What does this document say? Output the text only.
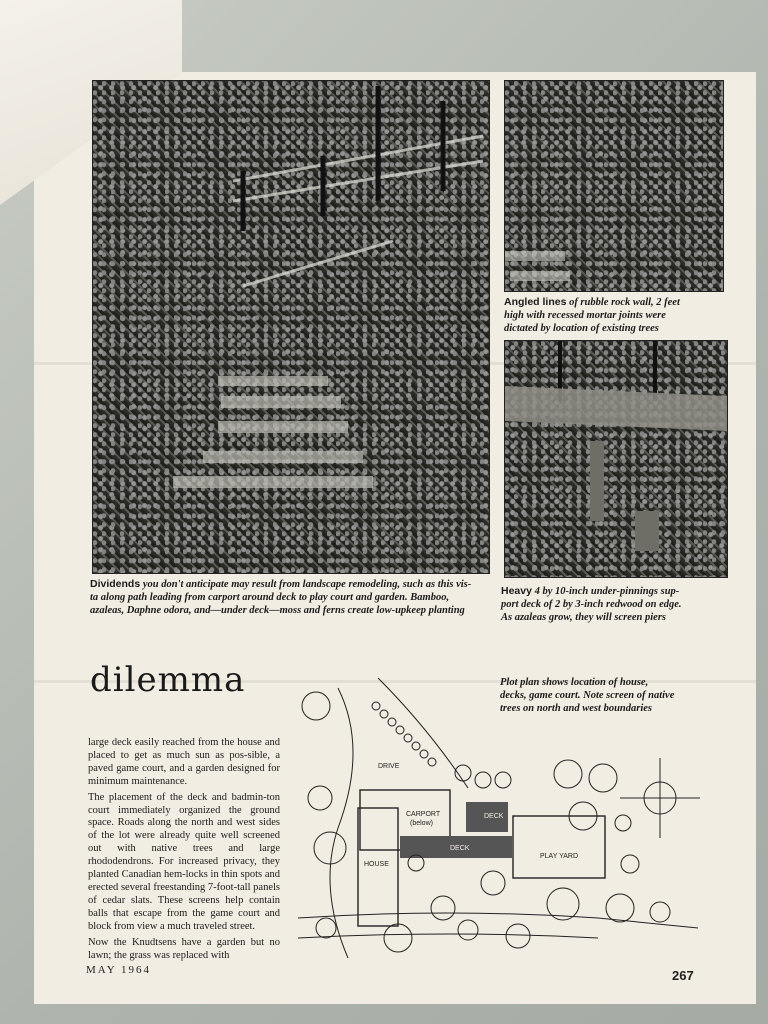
Angled lines of rubble rock wall, 2 feet
high with recessed mortar joints were
dictated by location of existing trees
Dividends you don't anticipate may result from landscape remodeling, such as this vis-
ta along path leading from carport around deck to play court and garden. Bamboo,
azaleas, Daphne odora, and—under deck—moss and ferns create low-upkeep planting
Heavy 4 by 10-inch under-pinnings sup-
port deck of 2 by 3-inch redwood on edge.
As azaleas grow, they will screen piers
Plot plan shows location of house,
decks, game court. Note screen of native
trees on north and west boundaries
dilemma

large deck easily reached from the house and placed to get as much sun as pos-sible, a paved game court, and a garden designed for minimum maintenance.

The placement of the deck and badmin-ton court immediately organized the ground space. Roads along the north and west sides of the lot were already quite well screened out with native trees and large rhododendrons. For increased privacy, they planted Canadian hem-locks in thin spots and erected several freestanding 7-foot-tall panels of cedar slats. These screens help contain balls that escape from the game court and block from view a much traveled street.

Now the Knudtsens have a garden but no lawn; the grass was replaced with

DRIVE
CARPORT
(below)
DECK
DECK
HOUSE
PLAY YARD
MAY 1964	267
